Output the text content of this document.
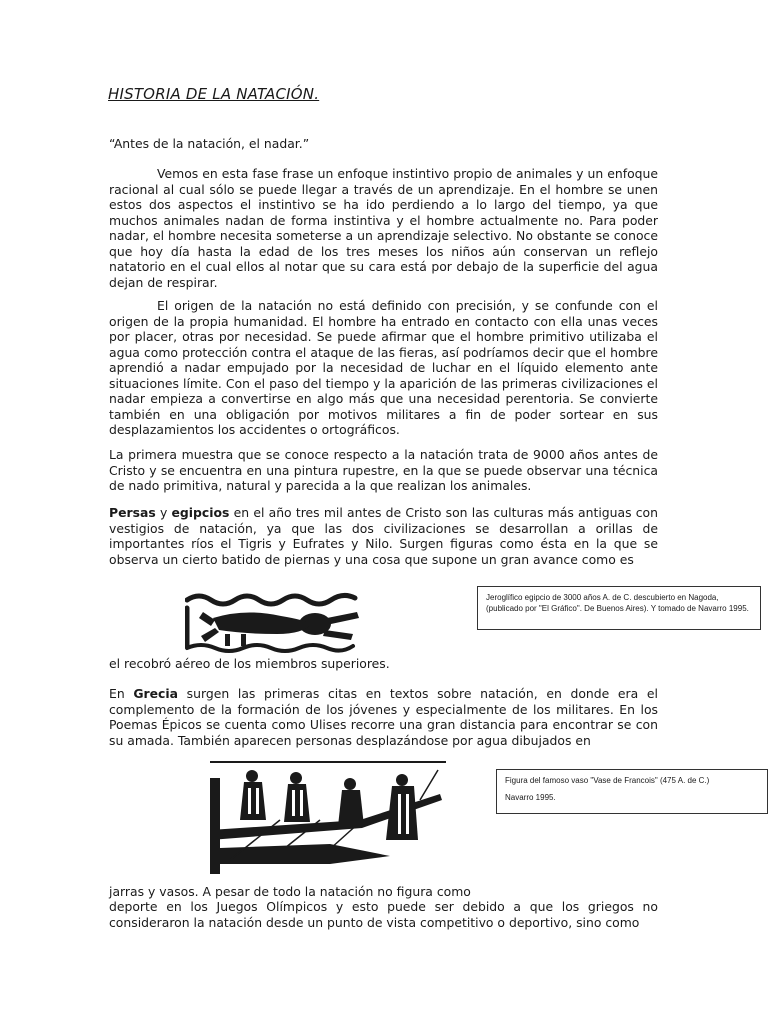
HISTORIA DE LA NATACIÓN.

“Antes de la natación, el nadar.”

Vemos en esta fase frase un enfoque instintivo propio de animales y un enfoque racional al cual sólo se puede llegar a través de un aprendizaje. En el hombre se unen estos dos aspectos el instintivo se ha ido perdiendo a lo largo del tiempo, ya que muchos animales nadan de forma instintiva y el hombre actualmente no. Para poder nadar, el hombre necesita someterse a un aprendizaje selectivo. No obstante se conoce que hoy día hasta la edad de los tres meses los niños aún conservan un reflejo natatorio en el cual ellos al notar que su cara está por debajo de la superficie del agua dejan de respirar.

El origen de la natación no está definido con precisión, y se confunde con el origen de la propia humanidad. El hombre ha entrado en contacto con ella unas veces por placer, otras por necesidad. Se puede afirmar que el hombre primitivo utilizaba el agua como protección contra el ataque de las fieras, así podríamos decir que el hombre aprendió a nadar empujado por la necesidad de luchar en el líquido elemento ante situaciones límite. Con el paso del tiempo y la aparición de las primeras civilizaciones el nadar empieza a convertirse en algo más que una necesidad perentoria. Se convierte también en una obligación por motivos militares a fin de poder sortear en sus desplazamientos los accidentes o ortográficos.

La primera muestra que se conoce respecto a la natación trata de 9000 años antes de Cristo y se encuentra en una pintura rupestre, en la que se puede observar una técnica de nado primitiva, natural y parecida a la que realizan los animales.

Persas y egipcios en el año tres mil antes de Cristo son las culturas más antiguas con vestigios de natación, ya que las dos civilizaciones se desarrollan a orillas de importantes ríos el Tigris y Eufrates y Nilo. Surgen figuras como ésta en la que se observa un cierto batido de piernas y una cosa que supone un gran avance como es

Jeroglífico egipcio de 3000 años A. de C. descubierto en Nagoda, (publicado por "El Gráfico". De Buenos Aires). Y tomado de Navarro 1995.

el recobró aéreo de los miembros superiores.

En Grecia surgen las primeras citas en textos sobre natación, en donde era el complemento de la formación de los jóvenes y especialmente de los militares. En los Poemas Épicos se cuenta como Ulises recorre una gran distancia para encontrar se con su amada. También aparecen personas desplazándose por agua dibujados en

Figura del famoso vaso "Vase de Francois" (475 A. de C.)

Navarro 1995.

jarras y vasos. A pesar de todo la natación no figura como

deporte en los Juegos Olímpicos y esto puede ser debido a que los griegos no consideraron la natación desde un punto de vista competitivo o deportivo, sino como
